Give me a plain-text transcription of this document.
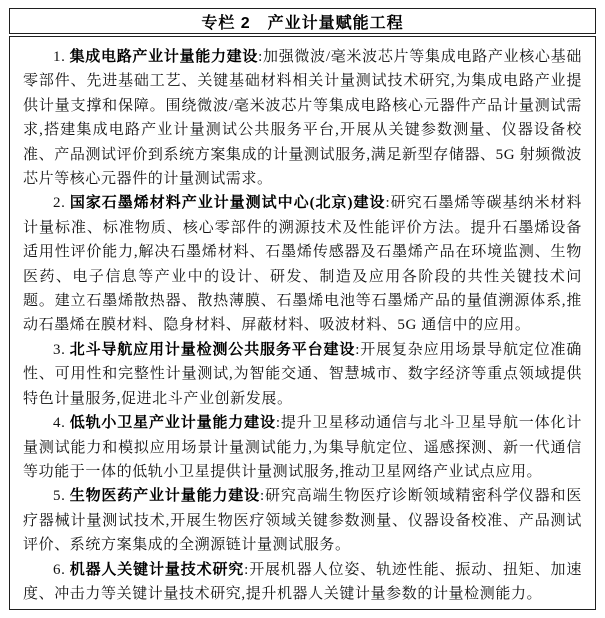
专栏 2　产业计量赋能工程

1. 集成电路产业计量能力建设:加强微波/毫米波芯片等集成电路产业核心基础零部件、先进基础工艺、关键基础材料相关计量测试技术研究,为集成电路产业提供计量支撑和保障。围绕微波/毫米波芯片等集成电路核心元器件产品计量测试需求,搭建集成电路产业计量测试公共服务平台,开展从关键参数测量、仪器设备校准、产品测试评价到系统方案集成的计量测试服务,满足新型存储器、5G 射频微波芯片等核心元器件的计量测试需求。

2. 国家石墨烯材料产业计量测试中心(北京)建设:研究石墨烯等碳基纳米材料计量标准、标准物质、核心零部件的溯源技术及性能评价方法。提升石墨烯设备适用性评价能力,解决石墨烯材料、石墨烯传感器及石墨烯产品在环境监测、生物医药、电子信息等产业中的设计、研发、制造及应用各阶段的共性关键技术问题。建立石墨烯散热器、散热薄膜、石墨烯电池等石墨烯产品的量值溯源体系,推动石墨烯在膜材料、隐身材料、屏蔽材料、吸波材料、5G 通信中的应用。

3. 北斗导航应用计量检测公共服务平台建设:开展复杂应用场景导航定位准确性、可用性和完整性计量测试,为智能交通、智慧城市、数字经济等重点领域提供特色计量服务,促进北斗产业创新发展。

4. 低轨小卫星产业计量能力建设:提升卫星移动通信与北斗卫星导航一体化计量测试能力和模拟应用场景计量测试能力,为集导航定位、遥感探测、新一代通信等功能于一体的低轨小卫星提供计量测试服务,推动卫星网络产业试点应用。

5. 生物医药产业计量能力建设:研究高端生物医疗诊断领域精密科学仪器和医疗器械计量测试技术,开展生物医疗领域关键参数测量、仪器设备校准、产品测试评价、系统方案集成的全溯源链计量测试服务。

6. 机器人关键计量技术研究:开展机器人位姿、轨迹性能、振动、扭矩、加速度、冲击力等关键计量技术研究,提升机器人关键计量参数的计量检测能力。
